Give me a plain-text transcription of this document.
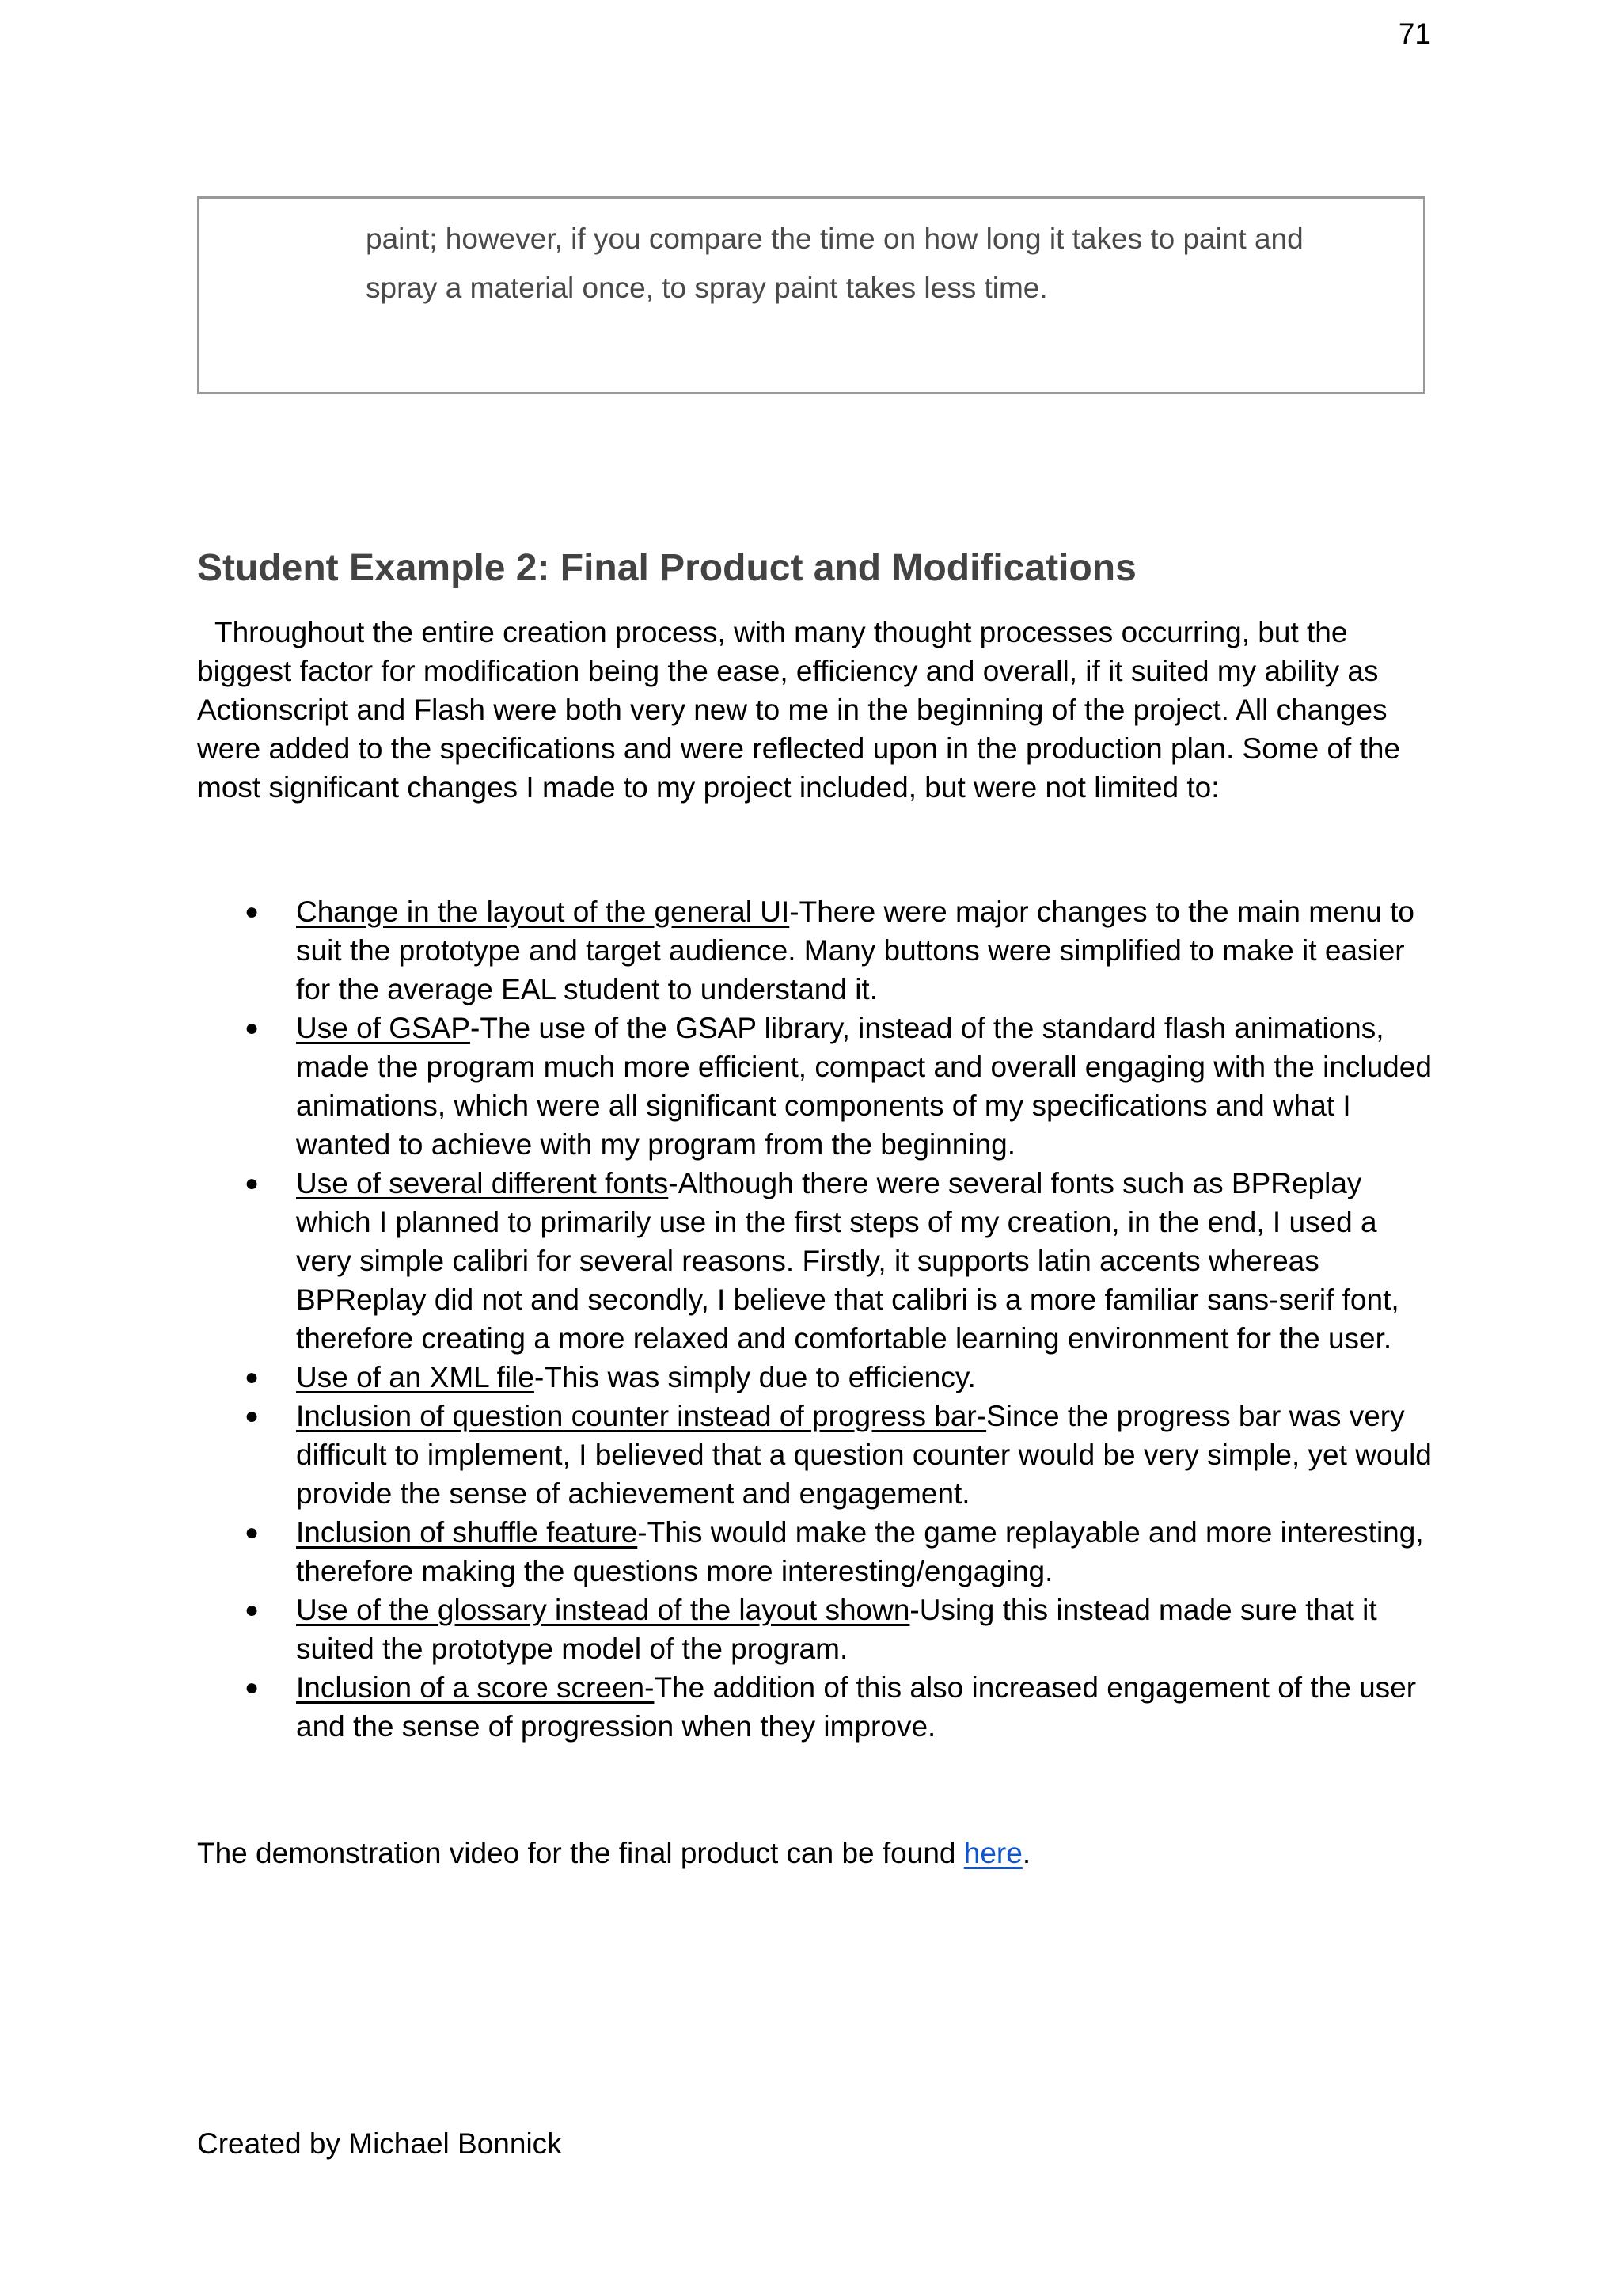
71

paint; however, if you compare the time on how long it takes to paint and spray a material once, to spray paint takes less time.

Student Example 2: Final Product and Modifications

Throughout the entire creation process, with many thought processes occurring, but the biggest factor for modification being the ease, efficiency and overall, if it suited my ability as Actionscript and Flash were both very new to me in the beginning of the project. All changes were added to the specifications and were reflected upon in the production plan. Some of the most significant changes I made to my project included, but were not limited to:

● Change in the layout of the general UI-There were major changes to the main menu to suit the prototype and target audience. Many buttons were simplified to make it easier for the average EAL student to understand it.
● Use of GSAP-The use of the GSAP library, instead of the standard flash animations, made the program much more efficient, compact and overall engaging with the included animations, which were all significant components of my specifications and what I wanted to achieve with my program from the beginning.
● Use of several different fonts-Although there were several fonts such as BPReplay which I planned to primarily use in the first steps of my creation, in the end, I used a very simple calibri for several reasons. Firstly, it supports latin accents whereas BPReplay did not and secondly, I believe that calibri is a more familiar sans-serif font, therefore creating a more relaxed and comfortable learning environment for the user.
● Use of an XML file-This was simply due to efficiency.
● Inclusion of question counter instead of progress bar-Since the progress bar was very difficult to implement, I believed that a question counter would be very simple, yet would provide the sense of achievement and engagement.
● Inclusion of shuffle feature-This would make the game replayable and more interesting, therefore making the questions more interesting/engaging.
● Use of the glossary instead of the layout shown-Using this instead made sure that it suited the prototype model of the program.
● Inclusion of a score screen-The addition of this also increased engagement of the user and the sense of progression when they improve.

The demonstration video for the final product can be found here.

Created by Michael Bonnick
